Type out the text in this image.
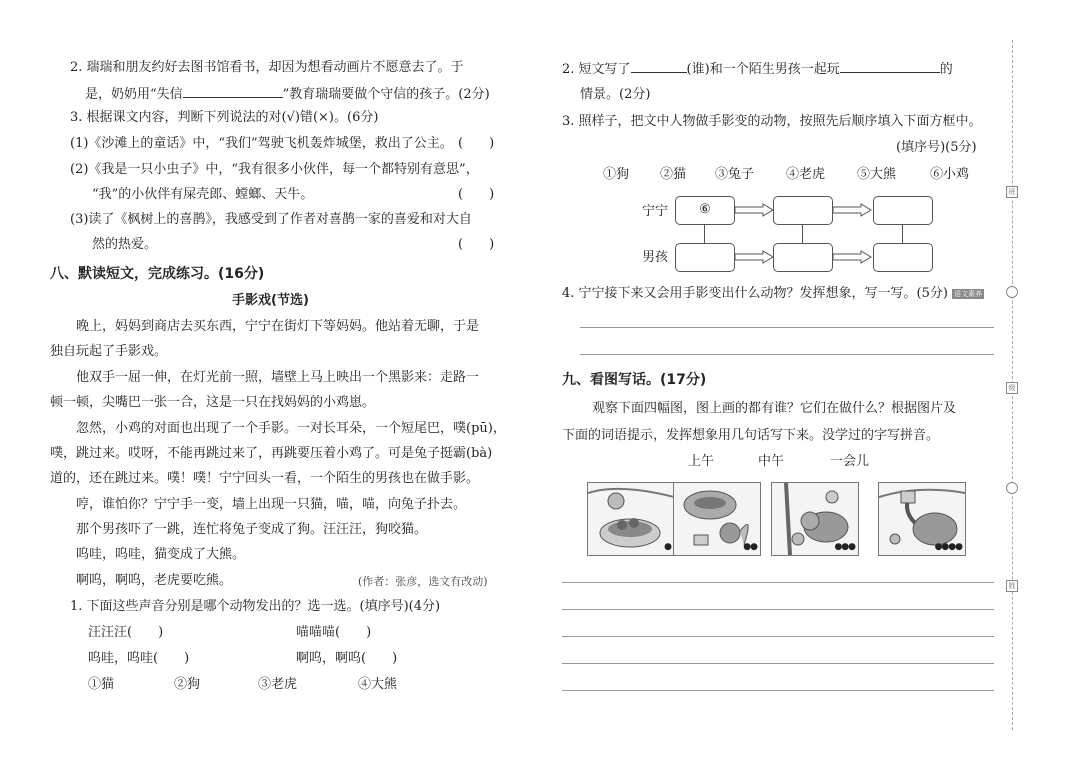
2. 瑞瑞和朋友约好去图书馆看书，却因为想看动画片不愿意去了。于
是，奶奶用“失信	”教育瑞瑞要做个守信的孩子。(2分)
3. 根据课文内容，判断下列说法的对(√)错(×)。(6分)
(1)《沙滩上的童话》中，“我们”驾驶飞机轰炸城堡，救出了公主。 (　　)
(2)《我是一只小虫子》中，“我有很多小伙伴，每一个都特别有意思”，
“我”的小伙伴有屎壳郎、螳螂、天牛。	(　　)
(3)读了《枫树上的喜鹊》，我感受到了作者对喜鹊一家的喜爱和对大自
然的热爱。	(　　)
八、默读短文，完成练习。(16分)
手影戏(节选)
晚上，妈妈到商店去买东西，宁宁在街灯下等妈妈。他站着无聊，于是
独自玩起了手影戏。
他双手一屈一伸，在灯光前一照，墙壁上马上映出一个黑影来：走路一
顿一顿，尖嘴巴一张一合，这是一只在找妈妈的小鸡崽。
忽然，小鸡的对面也出现了一个手影。一对长耳朵，一个短尾巴，噗(pū)，
噗，跳过来。哎呀，不能再跳过来了，再跳要压着小鸡了。可是兔子挺霸(bà)
道的，还在跳过来。噗！噗！宁宁回头一看，一个陌生的男孩也在做手影。
哼，谁怕你？宁宁手一变，墙上出现一只猫，喵，喵，向兔子扑去。
那个男孩吓了一跳，连忙将兔子变成了狗。汪汪汪，狗咬猫。
呜哇，呜哇，猫变成了大熊。
啊呜，啊呜，老虎要吃熊。	(作者：张彦，选文有改动)
1. 下面这些声音分别是哪个动物发出的？选一选。(填序号)(4分)
汪汪汪(　　)	喵喵喵(　　)
呜哇，呜哇(　　)	啊呜，啊呜(　　)
①猫	②狗	③老虎	④大熊
2. 短文写了	(谁)和一个陌生男孩一起玩	的
情景。(2分)
3. 照样子，把文中人物做手影变的动物，按照先后顺序填入下面方框中。
(填序号)(5分)
①狗 ②猫 ③兔子 ④老虎 ⑤大熊	⑥小鸡
宁宁
男孩
⑥
4. 宁宁接下来又会用手影变出什么动物？发挥想象，写一写。(5分) 语文素养
九、看图写话。(17分)
观察下面四幅图，图上画的都有谁？它们在做什么？根据图片及
下面的词语提示，发挥想象用几句话写下来。没学过的字写拼音。
上午	中午	一会儿
●	●●	●●●	●●●●
班
级
姓
